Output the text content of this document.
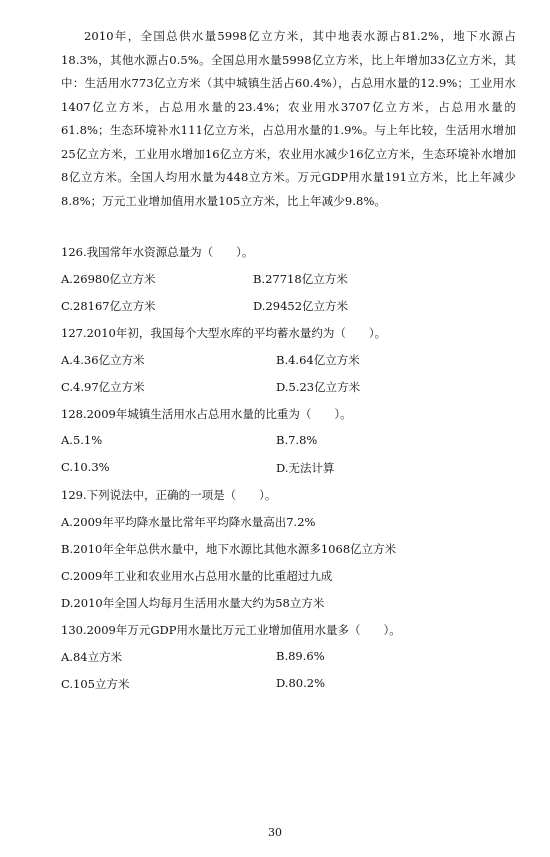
2010年，全国总供水量5998亿立方米，其中地表水源占81.2%，地下水源占18.3%，其他水源占0.5%。全国总用水量5998亿立方米，比上年增加33亿立方米，其中：生活用水773亿立方米（其中城镇生活占60.4%），占总用水量的12.9%；工业用水1407亿立方米，占总用水量的23.4%；农业用水3707亿立方米，占总用水量的61.8%；生态环境补水111亿立方米，占总用水量的1.9%。与上年比较，生活用水增加25亿立方米，工业用水增加16亿立方米，农业用水减少16亿立方米，生态环境补水增加8亿立方米。全国人均用水量为448立方米。万元GDP用水量191立方米，比上年减少8.8%；万元工业增加值用水量105立方米，比上年减少9.8%。
126.我国常年水资源总量为（　　）。
A.26980亿立方米	B.27718亿立方米
C.28167亿立方米	D.29452亿立方米
127.2010年初，我国每个大型水库的平均蓄水量约为（　　）。
A.4.36亿立方米	B.4.64亿立方米
C.4.97亿立方米	D.5.23亿立方米
128.2009年城镇生活用水占总用水量的比重为（　　）。
A.5.1%	B.7.8%
C.10.3%	D.无法计算
129.下列说法中，正确的一项是（　　）。
A.2009年平均降水量比常年平均降水量高出7.2%
B.2010年全年总供水量中，地下水源比其他水源多1068亿立方米
C.2009年工业和农业用水占总用水量的比重超过九成
D.2010年全国人均每月生活用水量大约为58立方米
130.2009年万元GDP用水量比万元工业增加值用水量多（　　）。
A.84立方米	B.89.6%
C.105立方米	D.80.2%
30
